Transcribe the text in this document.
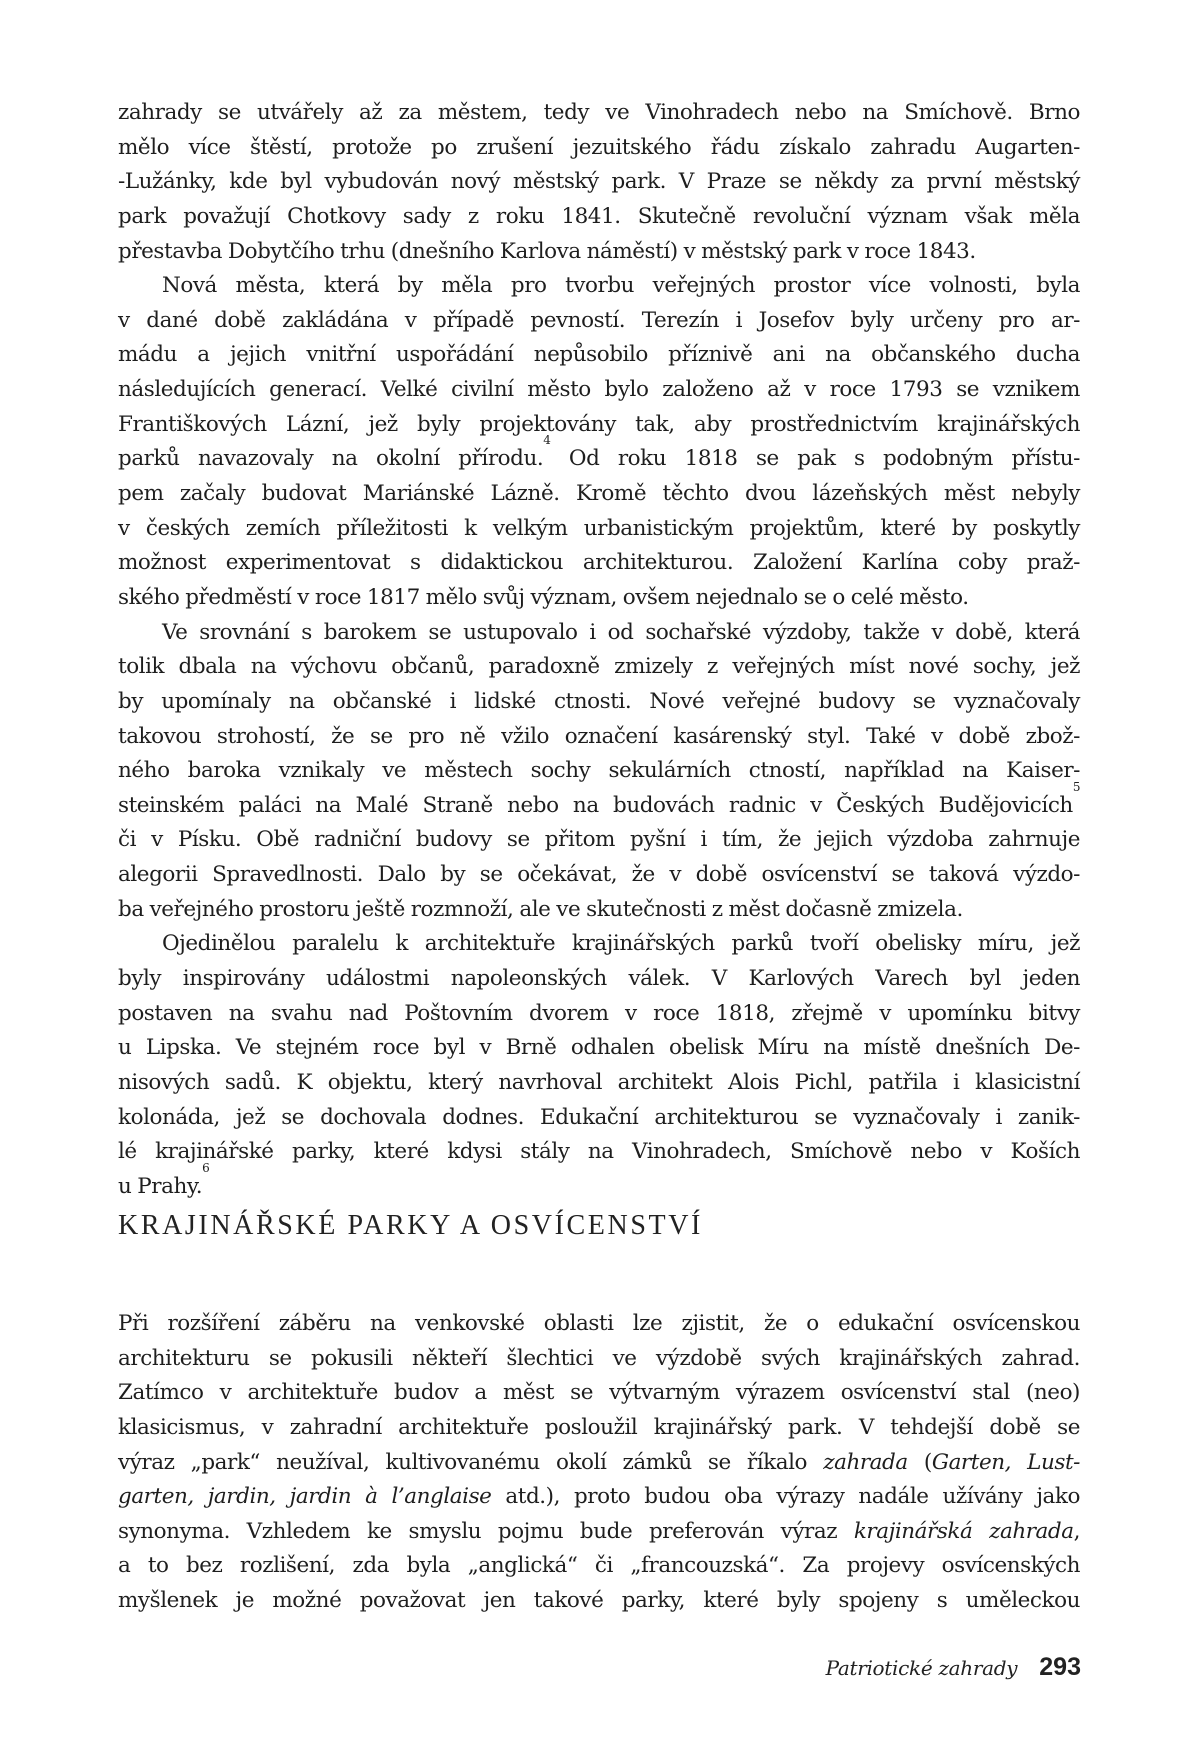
zahrady se utvářely až za městem, tedy ve Vinohradech nebo na Smíchově. Brno
mělo více štěstí, protože po zrušení jezuitského řádu získalo zahradu Augarten-
-Lužánky, kde byl vybudován nový městský park. V Praze se někdy za první městský
park považují Chotkovy sady z roku 1841. Skutečně revoluční význam však měla
přestavba Dobytčího trhu (dnešního Karlova náměstí) v městský park v roce 1843.
Nová města, která by měla pro tvorbu veřejných prostor více volnosti, byla
v dané době zakládána v případě pevností. Terezín i Josefov byly určeny pro ar-
mádu a jejich vnitřní uspořádání nepůsobilo příznivě ani na občanského ducha
následujících generací. Velké civilní město bylo založeno až v roce 1793 se vznikem
Františkových Lázní, jež byly projektovány tak, aby prostřednictvím krajinářských
parků navazovaly na okolní přírodu.$^4$ Od roku 1818 se pak s podobným přístu-
pem začaly budovat Mariánské Lázně. Kromě těchto dvou lázeňských měst nebyly
v českých zemích příležitosti k velkým urbanistickým projektům, které by poskytly
možnost experimentovat s didaktickou architekturou. Založení Karlína coby praž-
ského předměstí v roce 1817 mělo svůj význam, ovšem nejednalo se o celé město.
Ve srovnání s barokem se ustupovalo i od sochařské výzdoby, takže v době, která
tolik dbala na výchovu občanů, paradoxně zmizely z veřejných míst nové sochy, jež
by upomínaly na občanské i lidské ctnosti. Nové veřejné budovy se vyznačovaly
takovou strohostí, že se pro ně vžilo označení kasárenský styl. Také v době zbož-
ného baroka vznikaly ve městech sochy sekulárních ctností, například na Kaiser-
steinském paláci na Malé Straně nebo na budovách radnic v Českých Budějovicích$^5$
či v Písku. Obě radniční budovy se přitom pyšní i tím, že jejich výzdoba zahrnuje
alegorii Spravedlnosti. Dalo by se očekávat, že v době osvícenství se taková výzdo-
ba veřejného prostoru ještě rozmnoží, ale ve skutečnosti z měst dočasně zmizela.
Ojedinělou paralelu k architektuře krajinářských parků tvoří obelisky míru, jež
byly inspirovány událostmi napoleonských válek. V Karlových Varech byl jeden
postaven na svahu nad Poštovním dvorem v roce 1818, zřejmě v upomínku bitvy
u Lipska. Ve stejném roce byl v Brně odhalen obelisk Míru na místě dnešních De-
nisových sadů. K objektu, který navrhoval architekt Alois Pichl, patřila i klasicistní
kolonáda, jež se dochovala dodnes. Edukační architekturou se vyznačovaly i zanik-
lé krajinářské parky, které kdysi stály na Vinohradech, Smíchově nebo v Koších
u Prahy.$^6$
KRAJINÁŘSKÉ PARKY A OSVÍCENSTVÍ
Při rozšíření záběru na venkovské oblasti lze zjistit, že o edukační osvícenskou
architekturu se pokusili někteří šlechtici ve výzdobě svých krajinářských zahrad.
Zatímco v architektuře budov a měst se výtvarným výrazem osvícenství stal (neo)
klasicismus, v zahradní architektuře posloužil krajinářský park. V tehdejší době se
výraz „park“ neužíval, kultivovanému okolí zámků se říkalo zahrada (Garten, Lust-
garten, jardin, jardin à l’anglaise atd.), proto budou oba výrazy nadále užívány jako
synonyma. Vzhledem ke smyslu pojmu bude preferován výraz krajinářská zahrada,
a to bez rozlišení, zda byla „anglická“ či „francouzská“. Za projevy osvícenských
myšlenek je možné považovat jen takové parky, které byly spojeny s uměleckou
Patriotické zahrady 293
